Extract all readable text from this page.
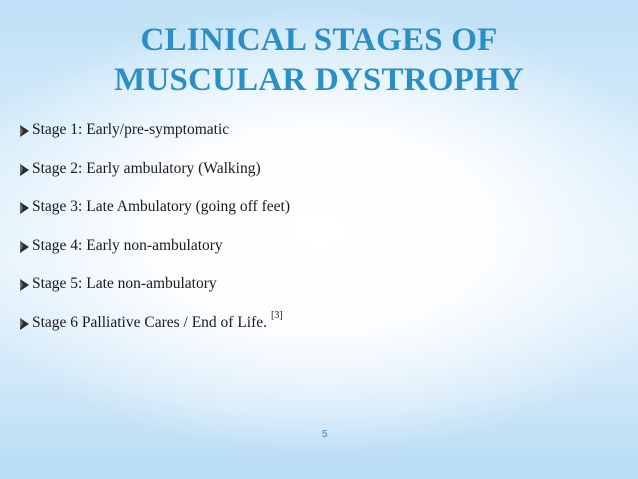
CLINICAL STAGES OF
MUSCULAR DYSTROPHY
Stage 1: Early/pre-symptomatic
Stage 2: Early ambulatory (Walking)
Stage 3: Late Ambulatory (going off feet)
Stage 4: Early non-ambulatory
Stage 5: Late non-ambulatory
Stage 6 Palliative Cares / End of Life. [3]
5
